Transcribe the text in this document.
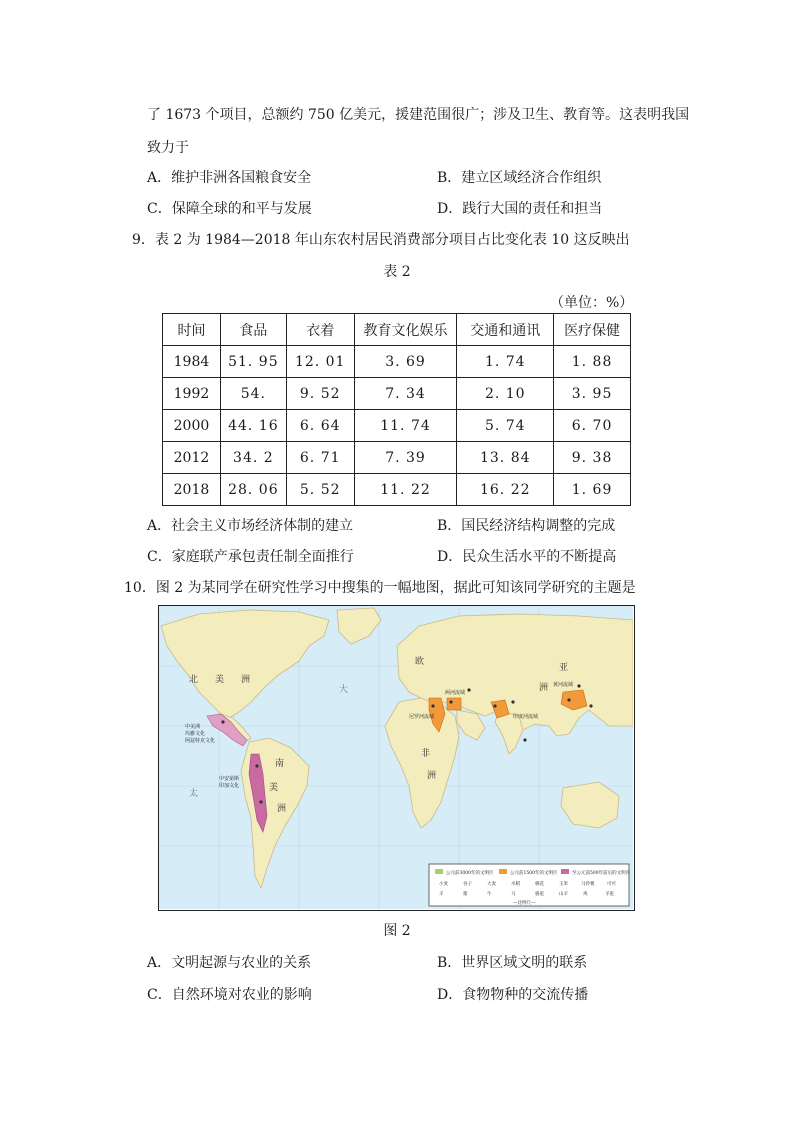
了 1673 个项目，总额约 750 亿美元，援建范围很广；涉及卫生、教育等。这表明我国
致力于
A．维护非洲各国粮食安全	B．建立区域经济合作组织
C．保障全球的和平与发展	D．践行大国的责任和担当
9．表 2 为 1984—2018 年山东农村居民消费部分项目占比变化表 10 这反映出
表 2
（单位：%）
时间	食品	衣着	教育文化娱乐	交通和通讯	医疗保健
1984	51. 95	12. 01	3. 69	1. 74	1. 88
1992	54.	9. 52	7. 34	2. 10	3. 95
2000	44. 16	6. 64	11. 74	5. 74	6. 70
2012	34. 2	6. 71	7. 39	13. 84	9. 38
2018	28. 06	5. 52	11. 22	16. 22	1. 69
A．社会主义市场经济体制的建立	B．国民经济结构调整的完成
C．家庭联产承包责任制全面推行	D．民众生活水平的不断提高
10．图 2 为某同学在研究性学习中搜集的一幅地图，据此可知该同学研究的主题是
北 美 洲
南
美
洲
欧
洲
亚
非
洲
大
太
中美洲
玛雅文化
阿兹特克文化
中安第斯
印加文化
两河流域
尼罗河流域	印度河流域
黄河流域
公元前3000年的文明区	公元前1500年的文明区	至公元前500年前后的文明区
小麦	谷子	大麦	水稻	棉花	玉米	马铃薯	可可
羊	猪	牛	马	骆驼	山羊	鸡	羊驼
—比例尺—
图 2
A．文明起源与农业的关系	B．世界区域文明的联系
C．自然环境对农业的影响	D．食物物种的交流传播
